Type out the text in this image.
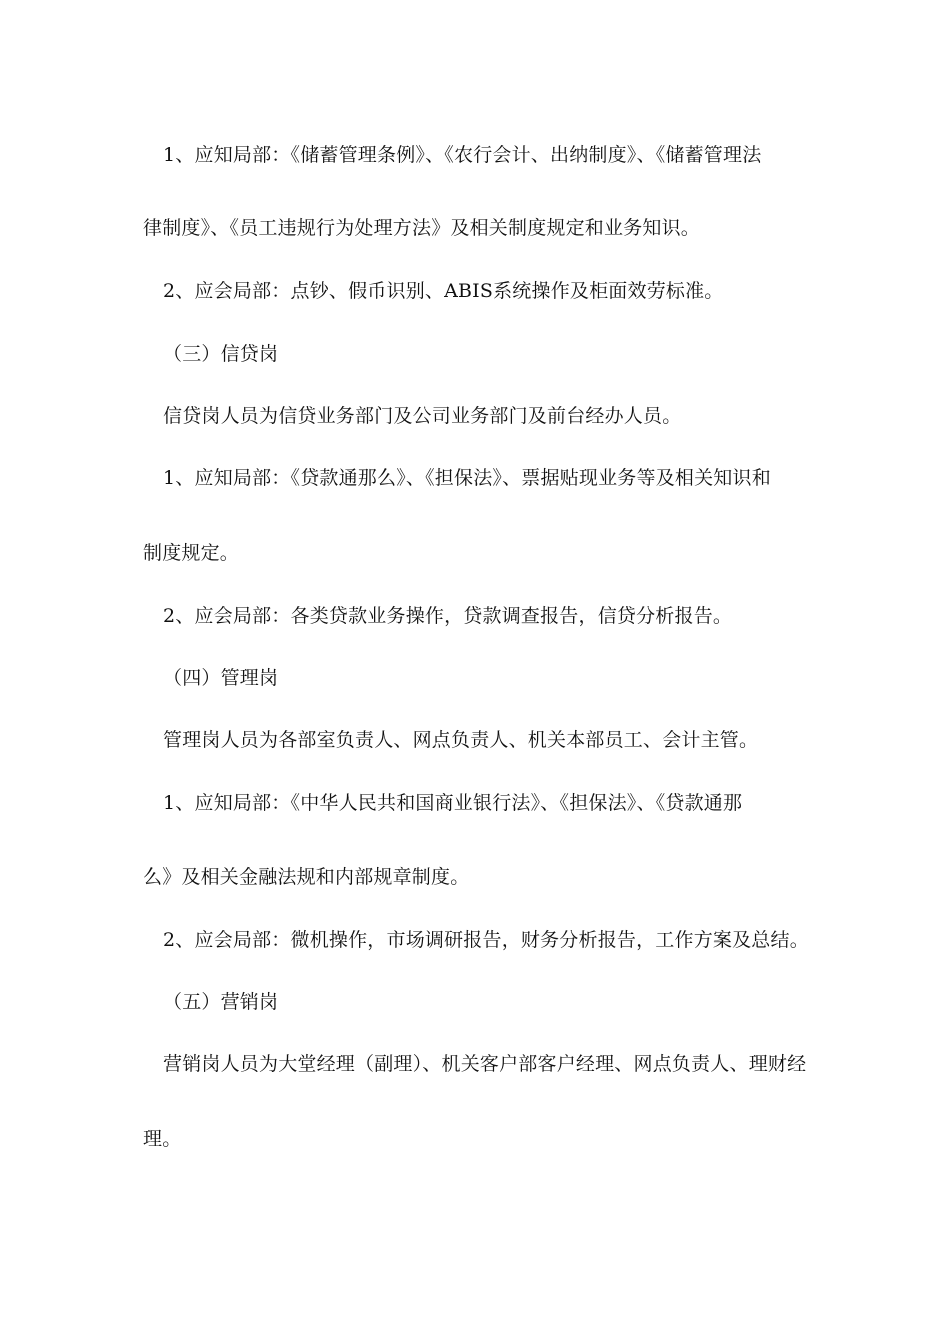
1、应知局部：《储蓄管理条例》、《农行会计、出纳制度》、《储蓄管理法
律制度》、《员工违规行为处理方法》及相关制度规定和业务知识。
2、应会局部：点钞、假币识别、ABIS系统操作及柜面效劳标准。
（三）信贷岗
信贷岗人员为信贷业务部门及公司业务部门及前台经办人员。
1、应知局部：《贷款通那么》、《担保法》、票据贴现业务等及相关知识和
制度规定。
2、应会局部：各类贷款业务操作，贷款调查报告，信贷分析报告。
（四）管理岗
管理岗人员为各部室负责人、网点负责人、机关本部员工、会计主管。
1、应知局部：《中华人民共和国商业银行法》、《担保法》、《贷款通那
么》及相关金融法规和内部规章制度。
2、应会局部：微机操作，市场调研报告，财务分析报告，工作方案及总结。
（五）营销岗
营销岗人员为大堂经理（副理）、机关客户部客户经理、网点负责人、理财经
理。
